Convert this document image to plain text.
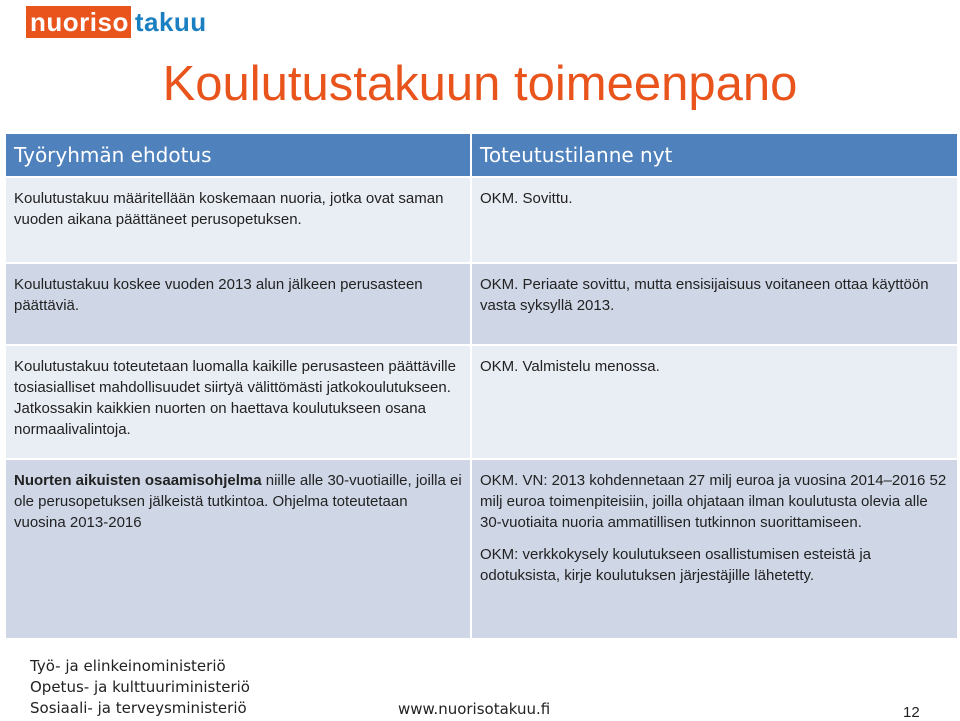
nuoriso takuu
Koulutustakuun toimeenpano
Työryhmän ehdotus	Toteutustilanne nyt
Koulutustakuu määritellään koskemaan nuoria, jotka ovat saman vuoden aikana päättäneet perusopetuksen.	OKM. Sovittu.
Koulutustakuu koskee vuoden 2013 alun jälkeen perusasteen päättäviä.	OKM. Periaate sovittu, mutta ensisijaisuus voitaneen ottaa käyttöön vasta syksyllä 2013.
Koulutustakuu toteutetaan luomalla kaikille perusasteen päättäville tosiasialliset mahdollisuudet siirtyä välittömästi jatkokoulutukseen. Jatkossakin kaikkien nuorten on haettava koulutukseen osana normaalivalintoja.	OKM. Valmistelu menossa.
Nuorten aikuisten osaamisohjelma niille alle 30-vuotiaille, joilla ei ole perusopetuksen jälkeistä tutkintoa. Ohjelma toteutetaan vuosina 2013-2016	OKM. VN: 2013 kohdennetaan 27 milj euroa ja vuosina 2014–2016 52 milj euroa toimenpiteisiin, joilla ohjataan ilman koulutusta olevia alle 30-vuotiaita nuoria ammatillisen tutkinnon suorittamiseen.
OKM: verkkokysely koulutukseen osallistumisen esteistä ja odotuksista, kirje koulutuksen järjestäjille lähetetty.
Työ- ja elinkeinoministeriö
Opetus- ja kulttuuriministeriö
Sosiaali- ja terveysministeriö	www.nuorisotakuu.fi	12
